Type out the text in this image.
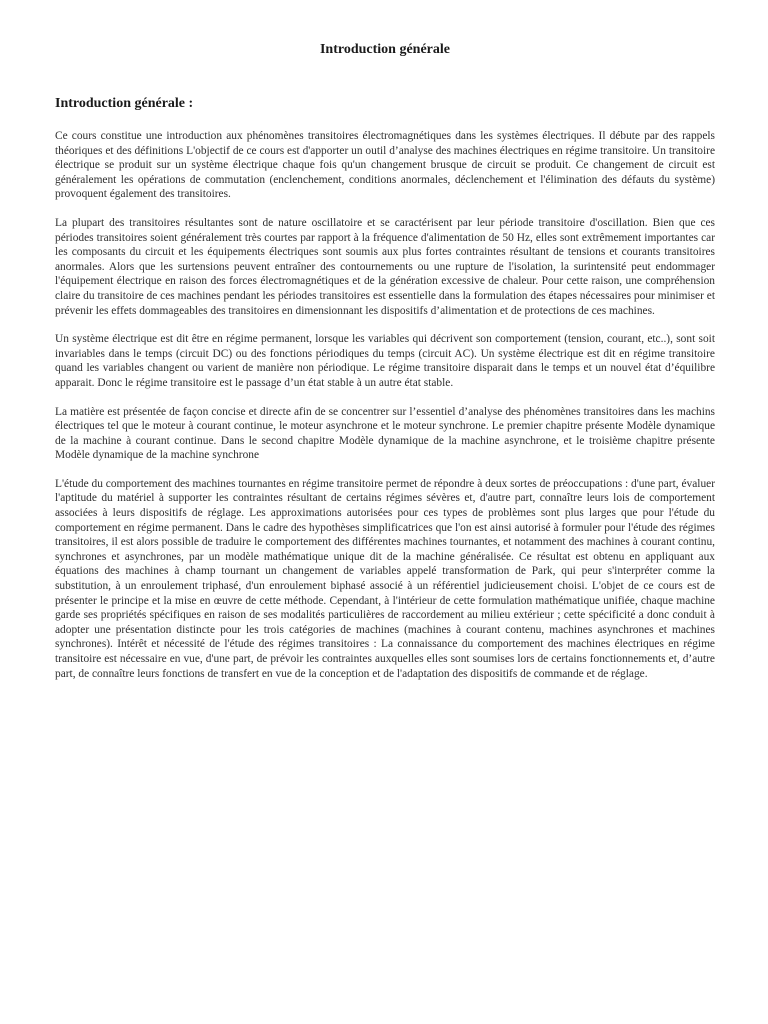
Introduction générale
Introduction générale :

Ce cours constitue une introduction aux phénomènes transitoires électromagnétiques dans les systèmes électriques. Il débute par des rappels théoriques et des définitions L'objectif de ce cours est d'apporter un outil d’analyse des machines électriques en régime transitoire. Un transitoire électrique se produit sur un système électrique chaque fois qu'un changement brusque de circuit se produit. Ce changement de circuit est généralement les opérations de commutation (enclenchement, conditions anormales, déclenchement et l'élimination des défauts du système) provoquent également des transitoires.

La plupart des transitoires résultantes sont de nature oscillatoire et se caractérisent par leur période transitoire d'oscillation. Bien que ces périodes transitoires soient généralement très courtes par rapport à la fréquence d'alimentation de 50 Hz, elles sont extrêmement importantes car les composants du circuit et les équipements électriques sont soumis aux plus fortes contraintes résultant de tensions et courants transitoires anormales. Alors que les surtensions peuvent entraîner des contournements ou une rupture de l'isolation, la surintensité peut endommager l'équipement électrique en raison des forces électromagnétiques et de la génération excessive de chaleur. Pour cette raison, une compréhension claire du transitoire de ces machines pendant les périodes transitoires est essentielle dans la formulation des étapes nécessaires pour minimiser et prévenir les effets dommageables des transitoires en dimensionnant les dispositifs d’alimentation et de protections de ces machines.

Un système électrique est dit être en régime permanent, lorsque les variables qui décrivent son comportement (tension, courant, etc..), sont soit invariables dans le temps (circuit DC) ou des fonctions périodiques du temps (circuit AC). Un système électrique est dit en régime transitoire quand les variables changent ou varient de manière non périodique. Le régime transitoire disparait dans le temps et un nouvel état d’équilibre apparait. Donc le régime transitoire est le passage d’un état stable à un autre état stable.

La matière est présentée de façon concise et directe afin de se concentrer sur l’essentiel d’analyse des phénomènes transitoires dans les machins électriques tel que le moteur à courant continue, le moteur asynchrone et le moteur synchrone. Le premier chapitre présente Modèle dynamique de la machine à courant continue. Dans le second chapitre Modèle dynamique de la machine asynchrone, et le troisième chapitre présente Modèle dynamique de la machine synchrone

L'étude du comportement des machines tournantes en régime transitoire permet de répondre à deux sortes de préoccupations : d'une part, évaluer l'aptitude du matériel à supporter les contraintes résultant de certains régimes sévères et, d'autre part, connaître leurs lois de comportement associées à leurs dispositifs de réglage. Les approximations autorisées pour ces types de problèmes sont plus larges que pour l'étude du comportement en régime permanent. Dans le cadre des hypothèses simplificatrices que l'on est ainsi autorisé à formuler pour l'étude des régimes transitoires, il est alors possible de traduire le comportement des différentes machines tournantes, et notamment des machines à courant continu, synchrones et asynchrones, par un modèle mathématique unique dit de la machine généralisée. Ce résultat est obtenu en appliquant aux équations des machines à champ tournant un changement de variables appelé transformation de Park, qui peur s'interpréter comme la substitution, à un enroulement triphasé, d'un enroulement biphasé associé à un référentiel judicieusement choisi. L'objet de ce cours est de présenter le principe et la mise en œuvre de cette méthode. Cependant, à l'intérieur de cette formulation mathématique unifiée, chaque machine garde ses propriétés spécifiques en raison de ses modalités particulières de raccordement au milieu extérieur ; cette spécificité a donc conduit à adopter une présentation distincte pour les trois catégories de machines (machines à courant contenu, machines asynchrones et machines synchrones). Intérêt et nécessité de l'étude des régimes transitoires : La connaissance du comportement des machines électriques en régime transitoire est nécessaire en vue, d'une part, de prévoir les contraintes auxquelles elles sont soumises lors de certains fonctionnements et, d’autre part, de connaître leurs fonctions de transfert en vue de la conception et de l'adaptation des dispositifs de commande et de réglage.
